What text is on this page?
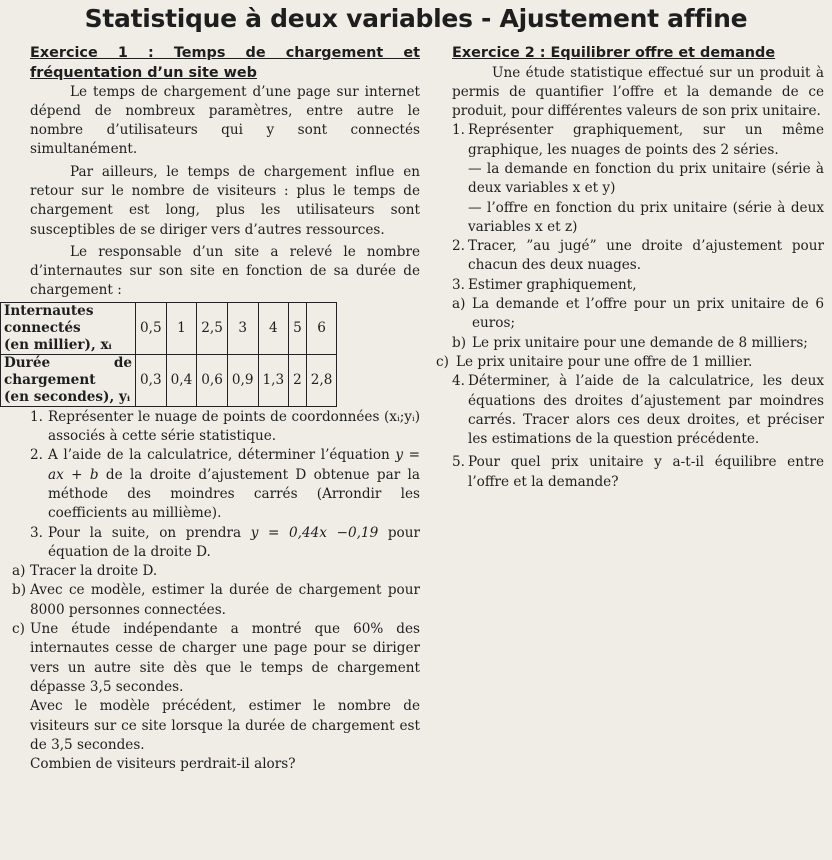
Statistique à deux variables - Ajustement affine
Exercice 1 : Temps de chargement et
fréquentation d’un site web

Le temps de chargement d’une page sur internet dépend de nombreux paramètres, entre autre le nombre d’utilisateurs qui y sont connectés simultanément.

Par ailleurs, le temps de chargement influe en retour sur le nombre de visiteurs : plus le temps de chargement est long, plus les utilisateurs sont susceptibles de se diriger vers d’autres ressources.

Le responsable d’un site a relevé le nombre d’internautes sur son site en fonction de sa durée de chargement :

Internautes
connectés
(en millier), xᵢ	0,5	1	2,5	3	4	5	6

Durée de
chargement
(en secondes), yᵢ	0,3	0,4	0,6	0,9	1,3	2	2,8
1. Représenter le nuage de points de coordonnées (xᵢ;yᵢ) associés à cette série statistique.
2. A l’aide de la calculatrice, déterminer l’équation y = ax + b de la droite d’ajustement D obtenue par la méthode des moindres carrés (Arrondir les coefficients au millième).
3. Pour la suite, on prendra y = 0,44x −0,19 pour équation de la droite D.
a) Tracer la droite D.
b) Avec ce modèle, estimer la durée de chargement pour 8000 personnes connectées.
c) Une étude indépendante a montré que 60% des internautes cesse de charger une page pour se diriger vers un autre site dès que le temps de chargement dépasse 3,5 secondes.

Avec le modèle précédent, estimer le nombre de visiteurs sur ce site lorsque la durée de chargement est de 3,5 secondes.

Combien de visiteurs perdrait-il alors?

Exercice 2 : Equilibrer offre et demande

Une étude statistique effectué sur un produit à permis de quantifier l’offre et la demande de ce produit, pour différentes valeurs de son prix unitaire.

1. Représenter graphiquement, sur un même graphique, les nuages de points des 2 séries.

— la demande en fonction du prix unitaire (série à deux variables x et y)

— l’offre en fonction du prix unitaire (série à deux variables x et z)

2. Tracer, ”au jugé” une droite d’ajustement pour chacun des deux nuages.
3. Estimer graphiquement,
a) La demande et l’offre pour un prix unitaire de 6 euros;
b) Le prix unitaire pour une demande de 8 milliers;
c) Le prix unitaire pour une offre de 1 millier.
4. Déterminer, à l’aide de la calculatrice, les deux équations des droites d’ajustement par moindres carrés. Tracer alors ces deux droites, et préciser les estimations de la question précédente.
5. Pour quel prix unitaire y a-t-il équilibre entre l’offre et la demande?
